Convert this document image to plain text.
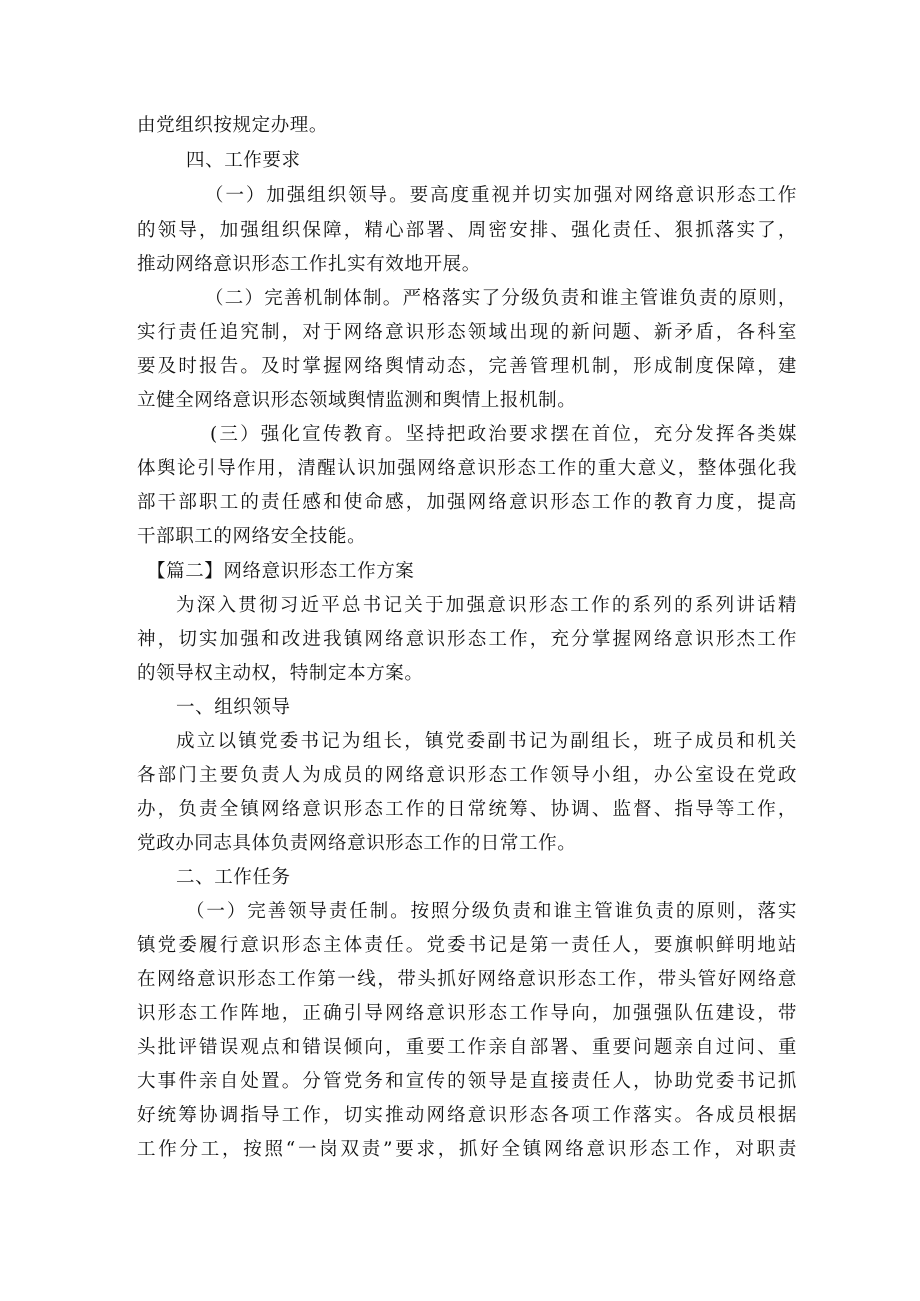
由党组织按规定办理。
四、工作要求
（一）加强组织领导。要高度重视并切实加强对网络意识形态工作
的领导，加强组织保障，精心部署、周密安排、强化责任、狠抓落实了，
推动网络意识形态工作扎实有效地开展。
（二）完善机制体制。严格落实了分级负责和谁主管谁负责的原则，
实行责任追究制，对于网络意识形态领域出现的新问题、新矛盾，各科室
要及时报告。及时掌握网络舆情动态，完善管理机制，形成制度保障，建
立健全网络意识形态领域舆情监测和舆情上报机制。
(三）强化宣传教育。坚持把政治要求摆在首位，充分发挥各类媒
体舆论引导作用，清醒认识加强网络意识形态工作的重大意义，整体强化我
部干部职工的责任感和使命感，加强网络意识形态工作的教育力度，提高
干部职工的网络安全技能。
【篇二】网络意识形态工作方案
为深入贯彻习近平总书记关于加强意识形态工作的系列的系列讲话精
神，切实加强和改进我镇网络意识形态工作，充分掌握网络意识形杰工作
的领导权主动权，特制定本方案。
一、组织领导
成立以镇党委书记为组长，镇党委副书记为副组长，班子成员和机关
各部门主要负责人为成员的网络意识形态工作领导小组，办公室设在党政
办，负责全镇网络意识形态工作的日常统筹、协调、监督、指导等工作，
党政办同志具体负责网络意识形态工作的日常工作。
二、工作任务
（一）完善领导责任制。按照分级负责和谁主管谁负责的原则，落实
镇党委履行意识形态主体责任。党委书记是第一责任人，要旗帜鲜明地站
在网络意识形态工作第一线，带头抓好网络意识形态工作，带头管好网络意
识形态工作阵地，正确引导网络意识形态工作导向，加强强队伍建设，带
头批评错误观点和错误倾向，重要工作亲自部署、重要问题亲自过问、重
大事件亲自处置。分管党务和宣传的领导是直接责任人，协助党委书记抓
好统筹协调指导工作，切实推动网络意识形态各项工作落实。各成员根据
工作分工，按照“一岗双责”要求，抓好全镇网络意识形态工作，对职责
